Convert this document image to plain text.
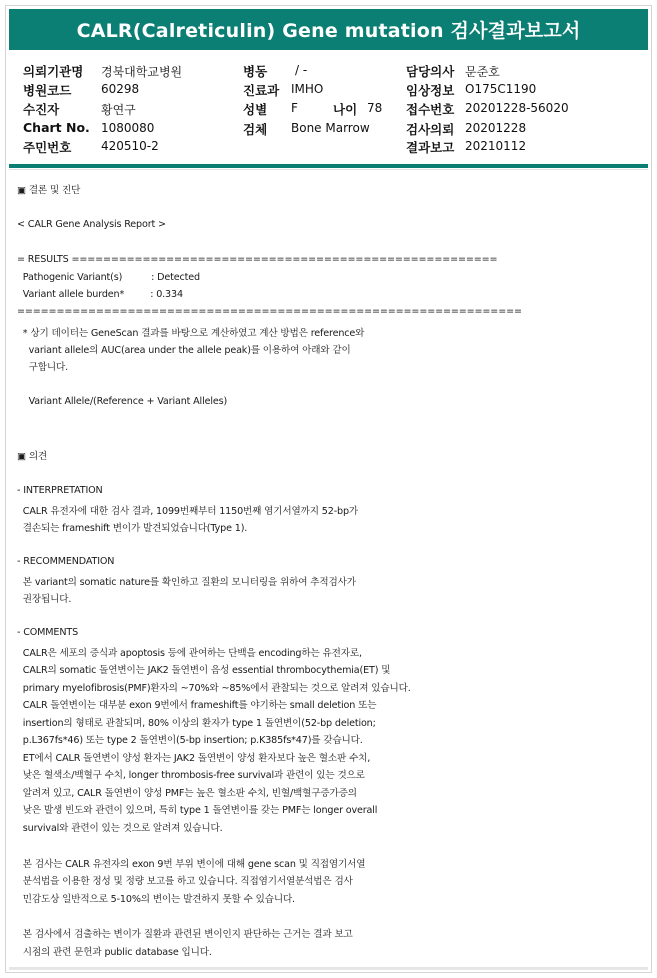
CALR(Calreticulin) Gene mutation 검사결과보고서
의뢰기관명 경북대학교병원
병원코드 60298
수진자	황연구
Chart No. 1080080
주민번호 420510-2
병동 / -
진료과 IMHO
성별 F	나이 78
검체 Bone Marrow
담당의사 문준호
임상정보 O175C1190
접수번호 20201228-56020
검사의뢰 20201228
결과보고 20210112
▣ 결론 및 진단
< CALR Gene Analysis Report >
= RESULTS ======================================================
Pathogenic Variant(s)          : Detected
Variant allele burden*         : 0.334
================================================================
* 상기 데이터는 GeneScan 결과를 바탕으로 계산하였고 계산 방법은 reference와
variant allele의 AUC(area under the allele peak)를 이용하여 아래와 같이
구합니다.
Variant Allele/(Reference + Variant Alleles)
▣ 의견
- INTERPRETATION
CALR 유전자에 대한 검사 결과, 1099번째부터 1150번째 염기서열까지 52-bp가
결손되는 frameshift 변이가 발견되었습니다(Type 1).
- RECOMMENDATION
본 variant의 somatic nature를 확인하고 질환의 모니터링을 위하여 추적검사가
권장됩니다.
- COMMENTS
CALR은 세포의 증식과 apoptosis 등에 관여하는 단백을 encoding하는 유전자로,
CALR의 somatic 돌연변이는 JAK2 돌연변이 음성 essential thrombocythemia(ET) 및
primary myelofibrosis(PMF)환자의 ~70%와 ~85%에서 관찰되는 것으로 알려져 있습니다.
CALR 돌연변이는 대부분 exon 9번에서 frameshift를 야기하는 small deletion 또는
insertion의 형태로 관찰되며, 80% 이상의 환자가 type 1 돌연변이(52-bp deletion;
p.L367fs*46) 또는 type 2 돌연변이(5-bp insertion; p.K385fs*47)를 갖습니다.
ET에서 CALR 돌연변이 양성 환자는 JAK2 돌연변이 양성 환자보다 높은 혈소판 수치,
낮은 혈색소/백혈구 수치, longer thrombosis-free survival과 관련이 있는 것으로
알려져 있고, CALR 돌연변이 양성 PMF는 높은 혈소판 수치, 빈혈/백혈구증가증의
낮은 발생 빈도와 관련이 있으며, 특히 type 1 돌연변이를 갖는 PMF는 longer overall
survival와 관련이 있는 것으로 알려져 있습니다.
본 검사는 CALR 유전자의 exon 9번 부위 변이에 대해 gene scan 및 직접염기서열
분석법을 이용한 정성 및 정량 보고를 하고 있습니다. 직접염기서열분석법은 검사
민감도상 일반적으로 5-10%의 변이는 발견하지 못할 수 있습니다.
본 검사에서 검출하는 변이가 질환과 관련된 변이인지 판단하는 근거는 결과 보고
시점의 관련 문헌과 public database 입니다.
